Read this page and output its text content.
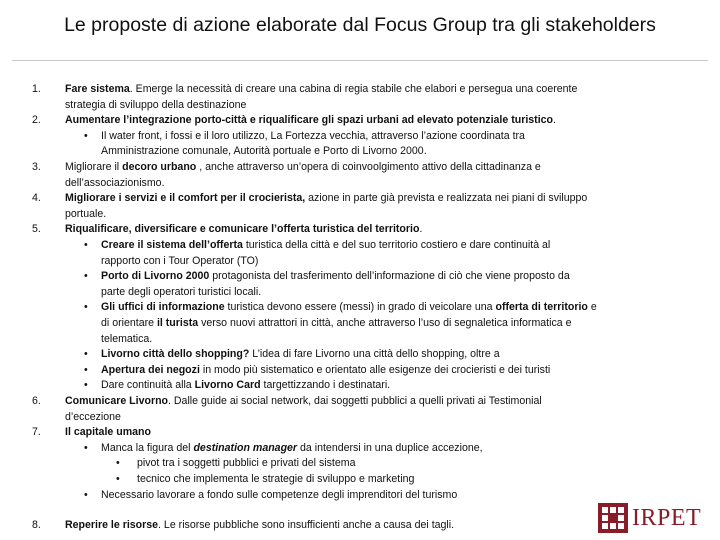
Le proposte di azione elaborate dal Focus Group tra gli stakeholders
1.	Fare sistema. Emerge la necessità di creare una cabina di regia stabile che elabori e persegua una coerente
strategia di sviluppo della destinazione
2.	Aumentare l’integrazione porto-città e riqualificare gli spazi urbani ad elevato potenziale turistico.
• Il water front, i fossi e il loro utilizzo, La Fortezza vecchia, attraverso l’azione coordinata tra
Amministrazione comunale, Autorità portuale e Porto di Livorno 2000.
3.	Migliorare il decoro urbano , anche attraverso un’opera di coinvoolgimento attivo della cittadinanza e
dell’associazionismo.
4.	Migliorare i servizi e il comfort per il crocierista, azione in parte già prevista e realizzata nei piani di sviluppo
portuale.
5.	Riqualificare, diversificare e comunicare l’offerta turistica del territorio.
• Creare il sistema dell’offerta turistica della città e del suo territorio costiero e dare continuità al
rapporto con i Tour Operator (TO)
• Porto di Livorno 2000 protagonista del trasferimento dell’informazione di ciò che viene proposto da
parte degli operatori turistici locali.
• Gli uffici di informazione turistica devono essere (messi) in grado di veicolare una offerta di territorio e
di orientare il turista verso nuovi attrattori in città, anche attraverso l’uso di segnaletica informatica e
telematica.
• Livorno città dello shopping? L’idea di fare Livorno una città dello shopping, oltre a
• Apertura dei negozi in modo più sistematico e orientato alle esigenze dei crocieristi e dei turisti
• Dare continuità alla Livorno Card targettizzando i destinatari.
6.	Comunicare Livorno. Dalle guide ai social network, dai soggetti pubblici a quelli privati ai Testimonial
d’eccezione
7.	Il capitale umano
• Manca la figura del destination manager da intendersi in una duplice accezione,
• pivot tra i soggetti pubblici e privati del sistema
• tecnico che implementa le strategie di sviluppo e marketing
• Necessario lavorare a fondo sulle competenze degli imprenditori del turismo
8.	Reperire le risorse. Le risorse pubbliche sono insufficienti anche a causa dei tagli.	IRPET
